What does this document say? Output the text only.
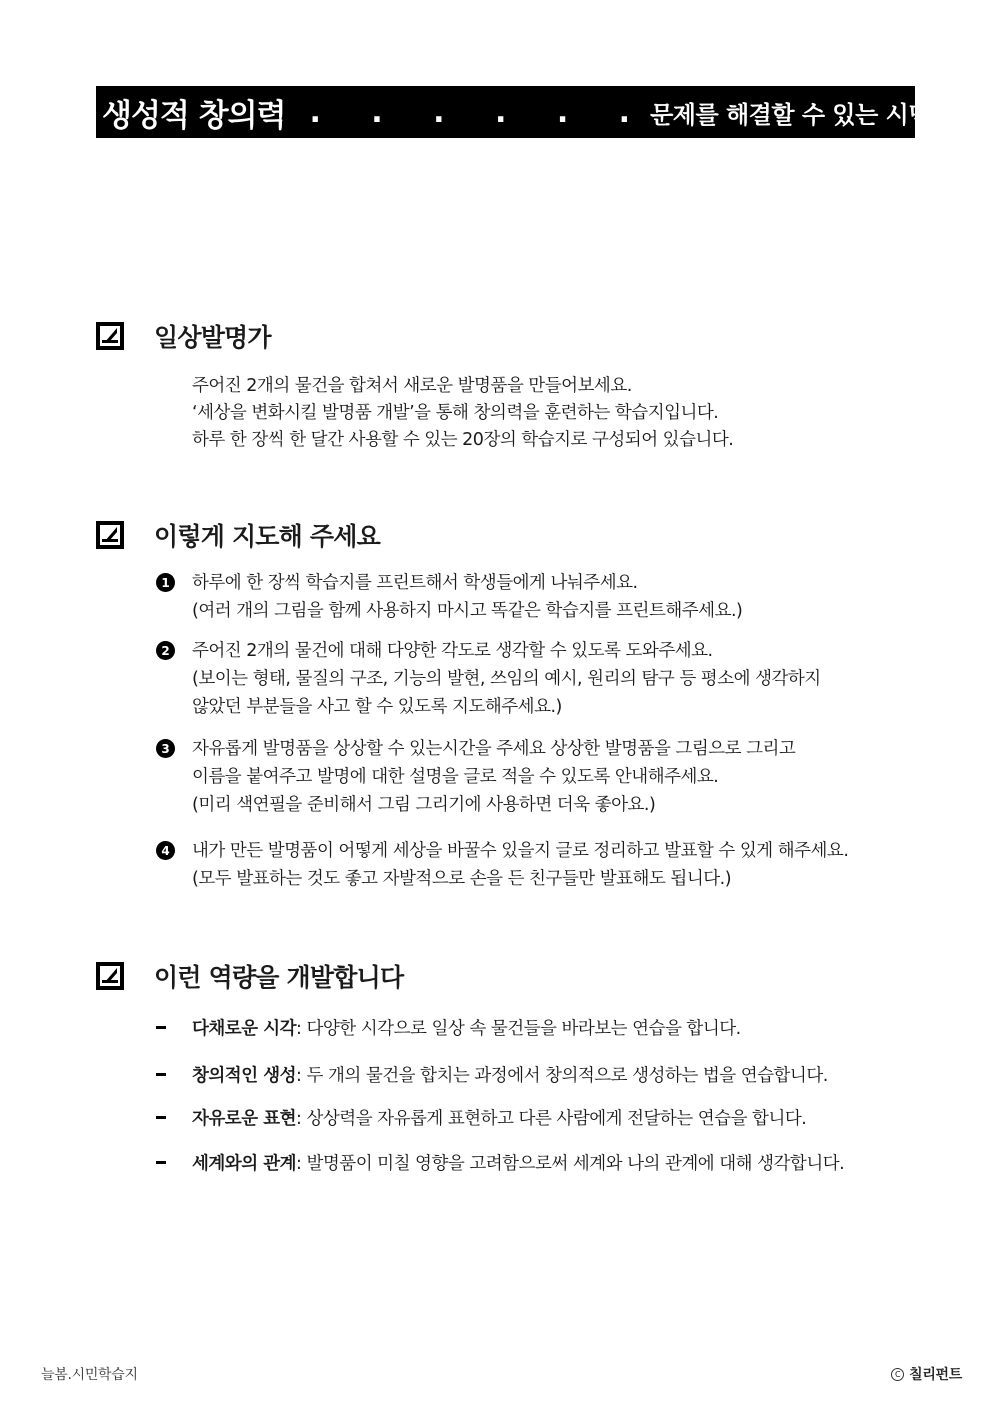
생성적 창의력 . . . . . . 문제를 해결할 수 있는 시민력
일상발명가
주어진 2개의 물건을 합쳐서 새로운 발명품을 만들어보세요.
‘세상을 변화시킬 발명품 개발’을 통해 창의력을 훈련하는 학습지입니다.
하루 한 장씩 한 달간 사용할 수 있는 20장의 학습지로 구성되어 있습니다.
이렇게 지도해 주세요
1	하루에 한 장씩 학습지를 프린트해서 학생들에게 나눠주세요.
(여러 개의 그림을 함께 사용하지 마시고 똑같은 학습지를 프린트해주세요.)
2	주어진 2개의 물건에 대해 다양한 각도로 생각할 수 있도록 도와주세요.
(보이는 형태, 물질의 구조, 기능의 발현, 쓰임의 예시, 원리의 탐구 등 평소에 생각하지
않았던 부분들을 사고 할 수 있도록 지도해주세요.)
3	자유롭게 발명품을 상상할 수 있는시간을 주세요 상상한 발명품을 그림으로 그리고
이름을 붙여주고 발명에 대한 설명을 글로 적을 수 있도록 안내해주세요.
(미리 색연필을 준비해서 그림 그리기에 사용하면 더욱 좋아요.)
4	내가 만든 발명품이 어떻게 세상을 바꿀수 있을지 글로 정리하고 발표할 수 있게 해주세요.
(모두 발표하는 것도 좋고 자발적으로 손을 든 친구들만 발표해도 됩니다.)
이런 역량을 개발합니다
다채로운 시각 : 다양한 시각으로 일상 속 물건들을 바라보는 연습을 합니다.
창의적인 생성 : 두 개의 물건을 합치는 과정에서 창의적으로 생성하는 법을 연습합니다.
자유로운 표현 : 상상력을 자유롭게 표현하고 다른 사람에게 전달하는 연습을 합니다.
세계와의 관계 : 발명품이 미칠 영향을 고려함으로써 세계와 나의 관계에 대해 생각합니다.
늘봄.시민학습지	C 칠리펀트
